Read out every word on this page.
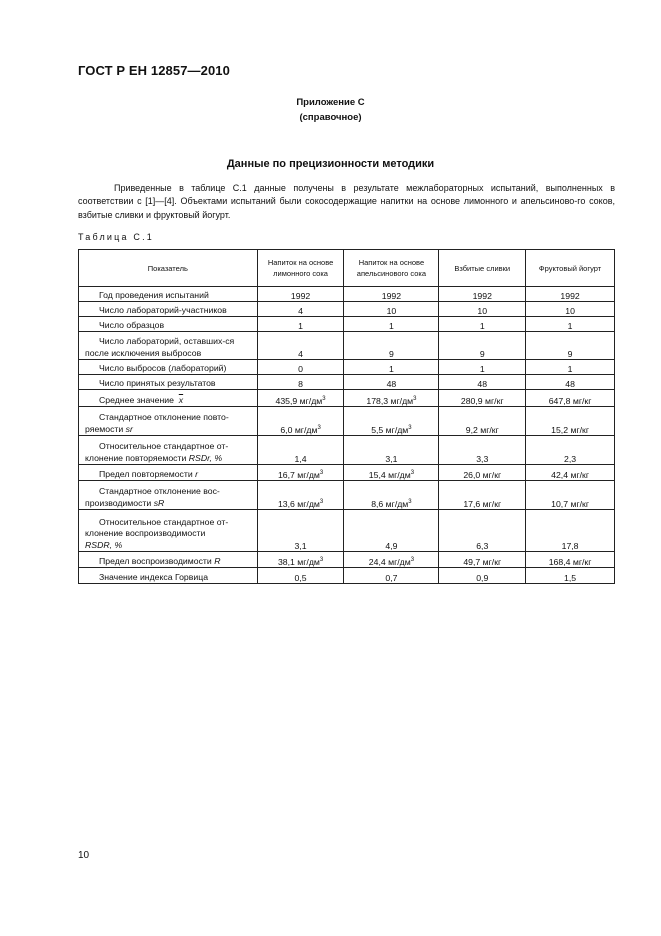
ГОСТ Р ЕН 12857—2010
Приложение С
(справочное)
Данные по прецизионности методики

Приведенные в таблице С.1 данные получены в результате межлабораторных испытаний, выполненных в соответствии с [1]—[4]. Объектами испытаний были сокосодержащие напитки на основе лимонного и апельсиново-го соков, взбитые сливки и фруктовый йогурт.

Таблица С.1
Показатель	Напиток на основе лимонного сока	Напиток на основе апельсинового сока	Взбитые сливки	Фруктовый йогурт
Год проведения испытаний	1992	1992	1992	1992
Число лабораторий-участников	4	10	10	10
Число образцов	1	1	1	1
Число лабораторий, оставших-ся после исключения выбросов	4	9	9	9
Число выбросов (лабораторий)	0	1	1	1
Число принятых результатов	8	48	48	48
Среднее значение $\overline{x}$	435,9 $мг/дм^3$	178,3 $мг/дм^3$	280,9 мг/кг	647,8 мг/кг
Стандартное отклонение повто-ряемости sr	6,0 $мг/дм^3$	5,5 $мг/дм^3$	9,2 мг/кг	15,2 мг/кг
Относительное стандартное от-клонение повторяемости RSDr, %	1,4	3,1	3,3	2,3
Предел повторяемости r	16,7 $мг/дм^3$	15,4 $мг/дм^3$	26,0 мг/кг	42,4 мг/кг
Стандартное отклонение вос-производимости sR	13,6 $мг/дм^3$	8,6 $мг/дм^3$	17,6 мг/кг	10,7 мг/кг
Относительное стандартное от-клонение воспроизводимости
RSDR, %	3,1	4,9	6,3	17,8
Предел воспроизводимости R	38,1 $мг/дм^3$	24,4 $мг/дм^3$	49,7 мг/кг	168,4 мг/кг
Значение индекса Горвица	0,5	0,7	0,9	1,5
10
